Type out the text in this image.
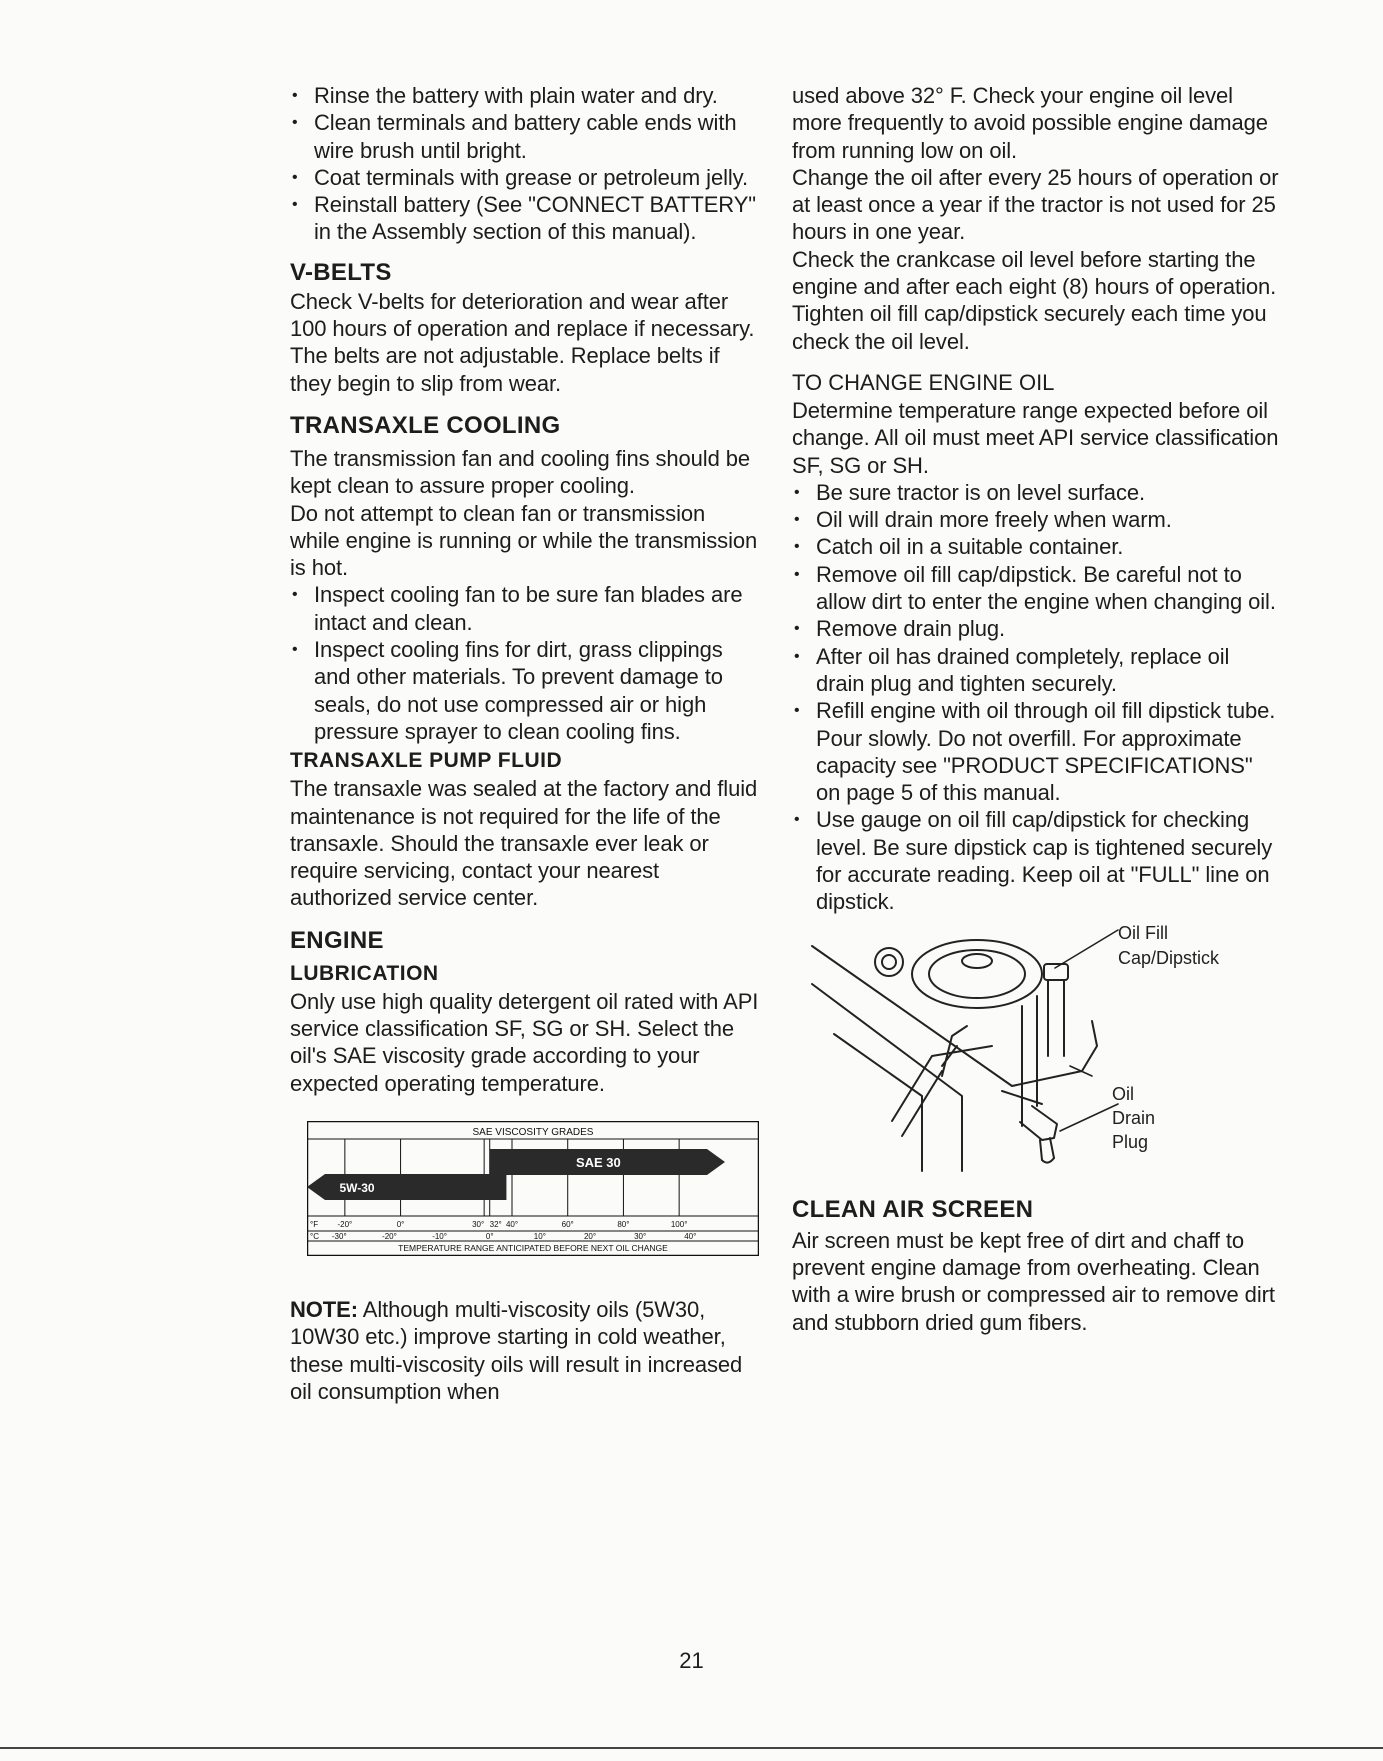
• Rinse the battery with plain water and dry.
• Clean terminals and battery cable ends with wire brush until bright.
• Coat terminals with grease or petroleum jelly.
• Reinstall battery (See "CONNECT BATTERY" in the Assembly section of this manual).
V-BELTS

Check V-belts for deterioration and wear after 100 hours of operation and replace if necessary. The belts are not adjustable. Replace belts if they begin to slip from wear.

TRANSAXLE COOLING

The transmission fan and cooling fins should be kept clean to assure proper cooling.

Do not attempt to clean fan or transmission while engine is running or while the transmission is hot.

• Inspect cooling fan to be sure fan blades are intact and clean.
• Inspect cooling fins for dirt, grass clippings and other materials. To prevent damage to seals, do not use compressed air or high pressure sprayer to clean cooling fins.
TRANSAXLE PUMP FLUID

The transaxle was sealed at the factory and fluid maintenance is not required for the life of the transaxle. Should the transaxle ever leak or require servicing, contact your nearest authorized service center.

ENGINE
LUBRICATION

Only use high quality detergent oil rated with API service classification SF, SG or SH. Select the oil's SAE viscosity grade according to your expected operating temperature.

SAE VISCOSITY GRADES
SAE 30
5W-30
°F -20°	0°	30° 32° 40°	60°	80°	100°
°C -30°	-20°	-10°	0°	10°	20°	30°	40°
TEMPERATURE RANGE ANTICIPATED BEFORE NEXT OIL CHANGE

NOTE: Although multi-viscosity oils (5W30, 10W30 etc.) improve starting in cold weather, these multi-viscosity oils will result in increased oil consumption when

used above 32° F. Check your engine oil level more frequently to avoid possible engine damage from running low on oil.

Change the oil after every 25 hours of operation or at least once a year if the tractor is not used for 25 hours in one year.

Check the crankcase oil level before starting the engine and after each eight (8) hours of operation. Tighten oil fill cap/dipstick securely each time you check the oil level.

TO CHANGE ENGINE OIL

Determine temperature range expected before oil change. All oil must meet API service classification SF, SG or SH.

• Be sure tractor is on level surface.
• Oil will drain more freely when warm.
• Catch oil in a suitable container.
• Remove oil fill cap/dipstick. Be careful not to allow dirt to enter the engine when changing oil.
• Remove drain plug.
• After oil has drained completely, replace oil drain plug and tighten securely.
• Refill engine with oil through oil fill dipstick tube. Pour slowly. Do not overfill. For approximate capacity see "PRODUCT SPECIFICATIONS" on page 5 of this manual.
• Use gauge on oil fill cap/dipstick for checking level. Be sure dipstick cap is tightened securely for accurate reading. Keep oil at "FULL" line on dipstick.
Oil Fill
Cap/Dipstick
Oil
Drain
Plug
CLEAN AIR SCREEN

Air screen must be kept free of dirt and chaff to prevent engine damage from overheating. Clean with a wire brush or compressed air to remove dirt and stubborn dried gum fibers.

21
